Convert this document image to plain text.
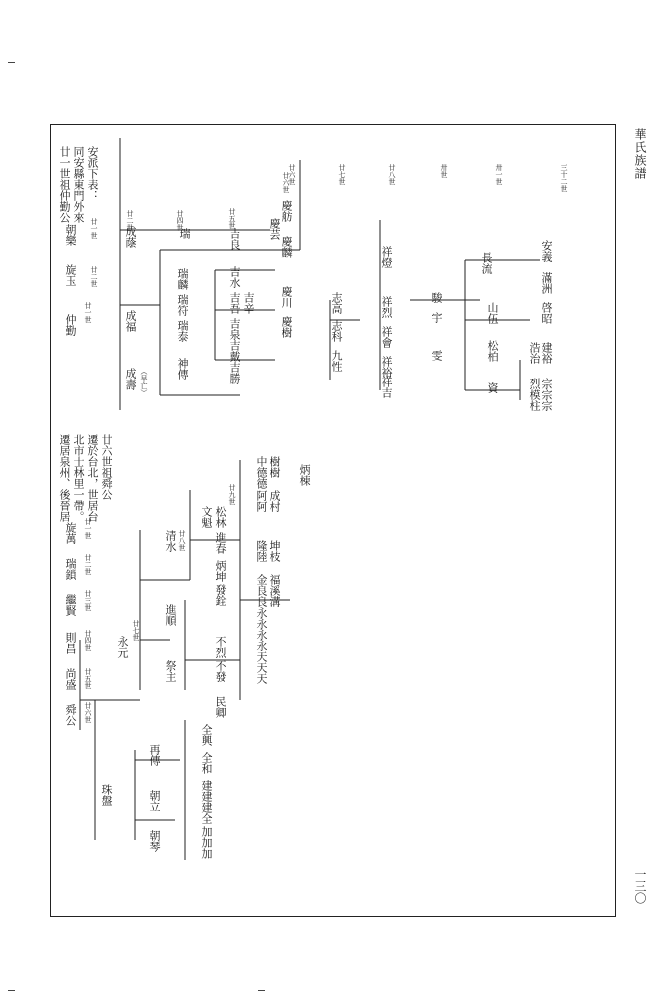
華氏族譜
一三〇
廿一世祖仲勤公 同安縣東門外來 安派下表：	廿六世	廿七世	廿八世	卅世	卅一世	三十二世
朝樂 廿一世
旋玉 廿二世
仲勤
廿一世
成蔭
廿二世
瑞
廿四世
吉良
廿五世	慶舫
廿六世
慶芸
慶麟
成福
瑞麟
瑞符
瑞泰
吉水
吉吾 吉辛
吉泉
吉戴
慶川
慶樹
志高
志科
九性
成壽 （早亡）	神傳	吉勝
祥燈
祥烈
祥會
祥裕
祥吉
宇
駿
雯
長流
山伍
松柏
資
安義
滿洲
啓昭
建裕
浩治
宗宗宗
烈模柱
遷居泉州、後晉居 北市士林里一帶。 遷於台北，世居台 廿六世祖舜公
舜公 廿六世
尚盛 廿五世
則昌 廿四世
繼賢 廿三世
瑞鎖 廿二世
旋萬 廿一世
永元
廿七世
清水 廿八世
松林
廿九世
文魁
進春
炳坤
進順
發銓
祭主	不發
不烈
民卿
珠盤	朝立
再傳
朝琴
全興
全和
加加加
建建建全
炳棟
中德德
阿阿
隆陸
金良良永永永永天天天
樹樹
成村
坤枝
福溪溝
